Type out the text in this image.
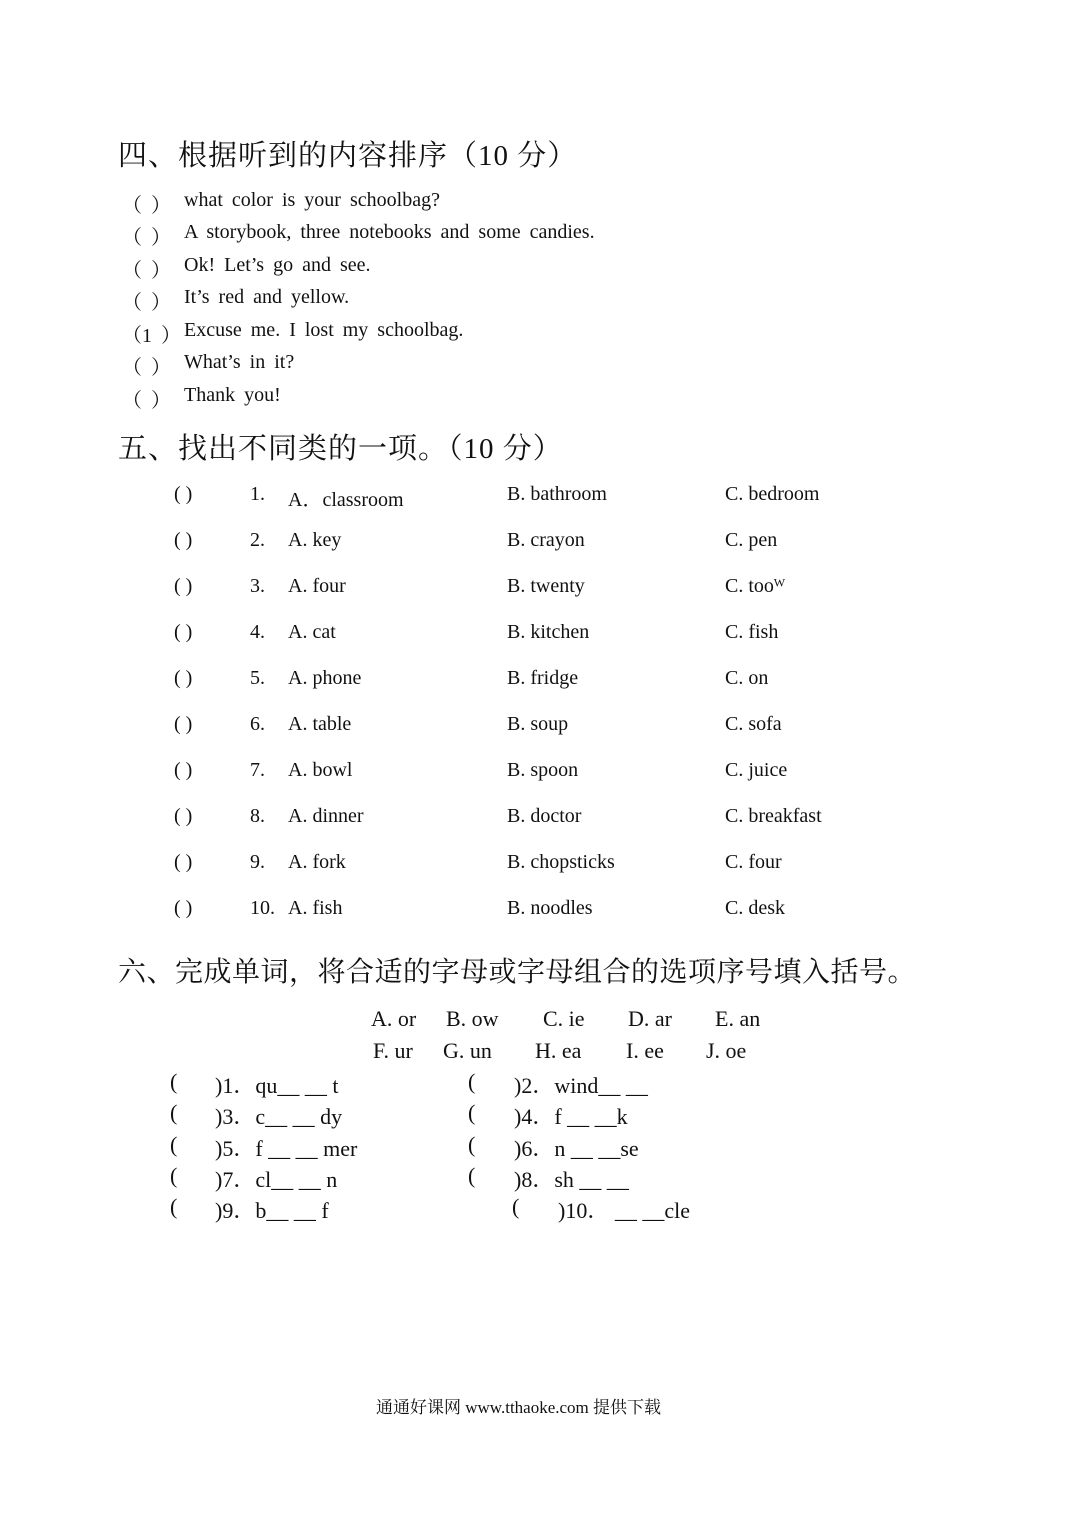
四、根据听到的内容排序（10 分）
（ ） what color is your schoolbag?
（ ） A storybook, three notebooks and some candies.
（ ） Ok! Let’s go and see.
（ ） It’s red and yellow.
（1 ） Excuse me. I lost my schoolbag.
（ ） What’s in it?
（ ） Thank you!
五、找出不同类的一项。（10 分）
( )	1. A．classroom	B. bathroom	C. bedroom
( )	2. A. key	B. crayon	C. pen
( )	3. A. four	B. twenty	C. tooᵂ
( )	4. A. cat	B. kitchen	C. fish
( )	5. A. phone	B. fridge	C. on
( )	6. A. table	B. soup	C. sofa
( )	7. A. bowl	B. spoon	C. juice
( )	8. A. dinner	B. doctor	C. breakfast
( )	9. A. fork	B. chopsticks	C. four
( )	10. A. fish	B. noodles	C. desk
六、完成单词，将合适的字母或字母组合的选项序号填入括号。
A. or B. ow C. ie D. ar E. an
F. ur G. un H. ea I. ee J. oe
( )1．qu__ __ t	( )2．wind__ __
( )3．c__ __ dy	( )4．f __ __k
( )5．f __ __ mer	( )6．n __ __se
( )7．cl__ __ n	( )8．sh __ __
( )9．b__ __ f	( )10． __ __cle
通通好课网 www.tthaoke.com 提供下载
